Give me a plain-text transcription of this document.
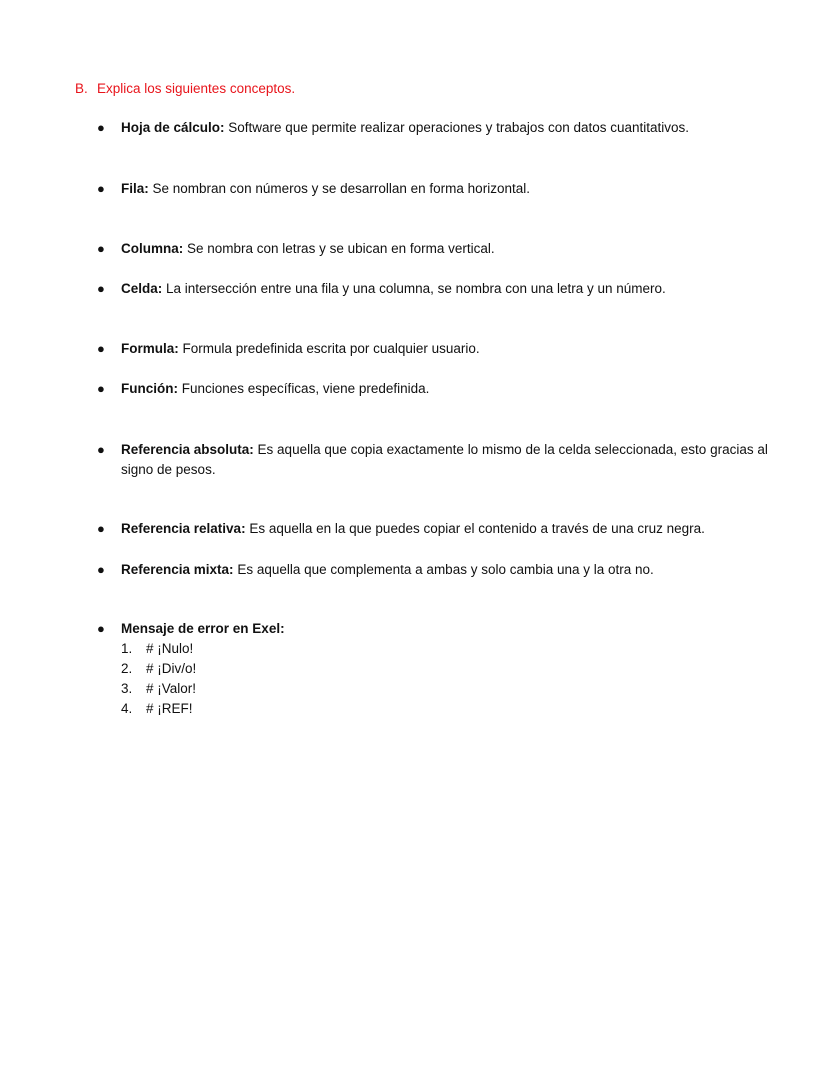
B. Explica los siguientes conceptos.
● Hoja de cálculo: Software que permite realizar operaciones y trabajos con datos cuantitativos.
● Fila: Se nombran con números y se desarrollan en forma horizontal.
● Columna: Se nombra con letras y se ubican en forma vertical.
● Celda: La intersección entre una fila y una columna, se nombra con una letra y un número.
● Formula: Formula predefinida escrita por cualquier usuario.
● Función: Funciones específicas, viene predefinida.
● Referencia absoluta: Es aquella que copia exactamente lo mismo de la celda seleccionada, esto gracias al signo de pesos.
● Referencia relativa: Es aquella en la que puedes copiar el contenido a través de una cruz negra.
● Referencia mixta: Es aquella que complementa a ambas y solo cambia una y la otra no.
● Mensaje de error en Exel:
1. # ¡Nulo!
2. # ¡Div/o!
3. # ¡Valor!
4. # ¡REF!
